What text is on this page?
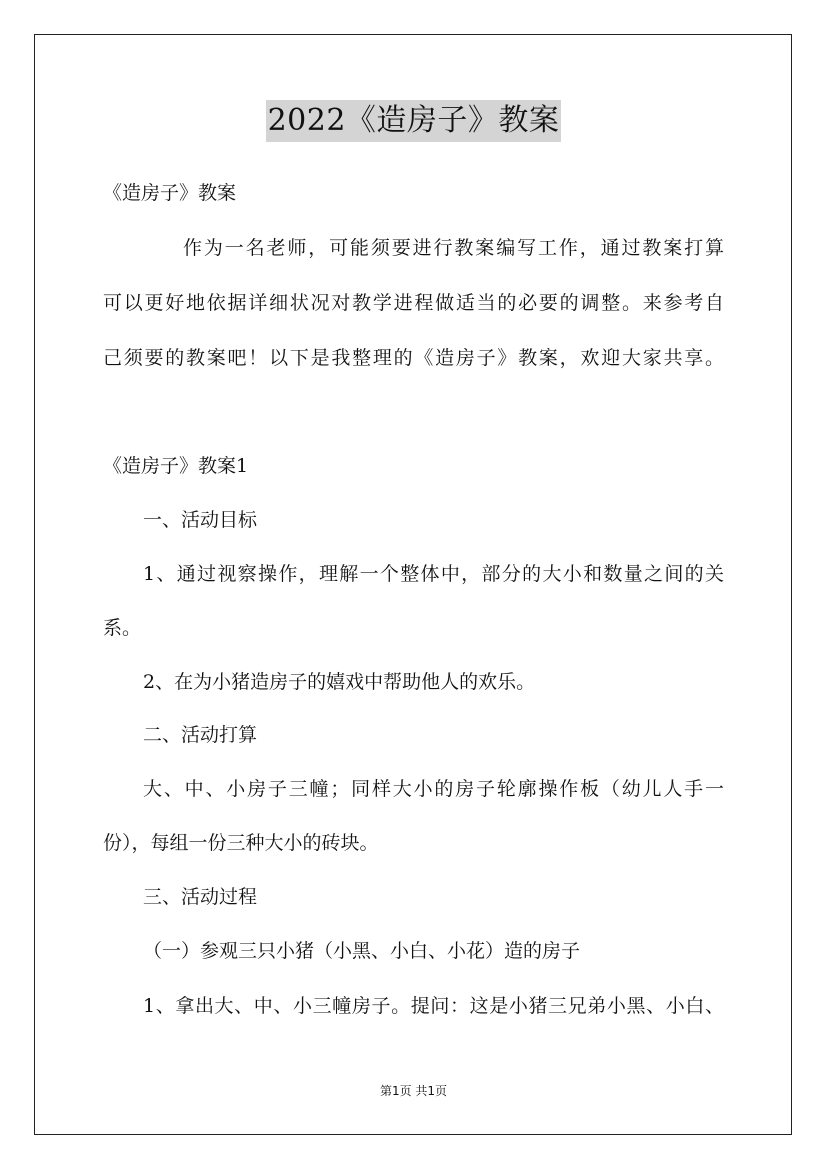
2022《造房子》教案
《造房子》教案
作为一名老师，可能须要进行教案编写工作，通过教案打算
可以更好地依据详细状况对教学进程做适当的必要的调整。来参考自
己须要的教案吧！以下是我整理的《造房子》教案，欢迎大家共享。
《造房子》教案1
一、活动目标
1、通过视察操作，理解一个整体中，部分的大小和数量之间的关
系。
2、在为小猪造房子的嬉戏中帮助他人的欢乐。
二、活动打算
大、中、小房子三幢；同样大小的房子轮廓操作板（幼儿人手一
份），每组一份三种大小的砖块。
三、活动过程
（一）参观三只小猪（小黑、小白、小花）造的房子
1、拿出大、中、小三幢房子。提问：这是小猪三兄弟小黑、小白、
第1页 共1页
